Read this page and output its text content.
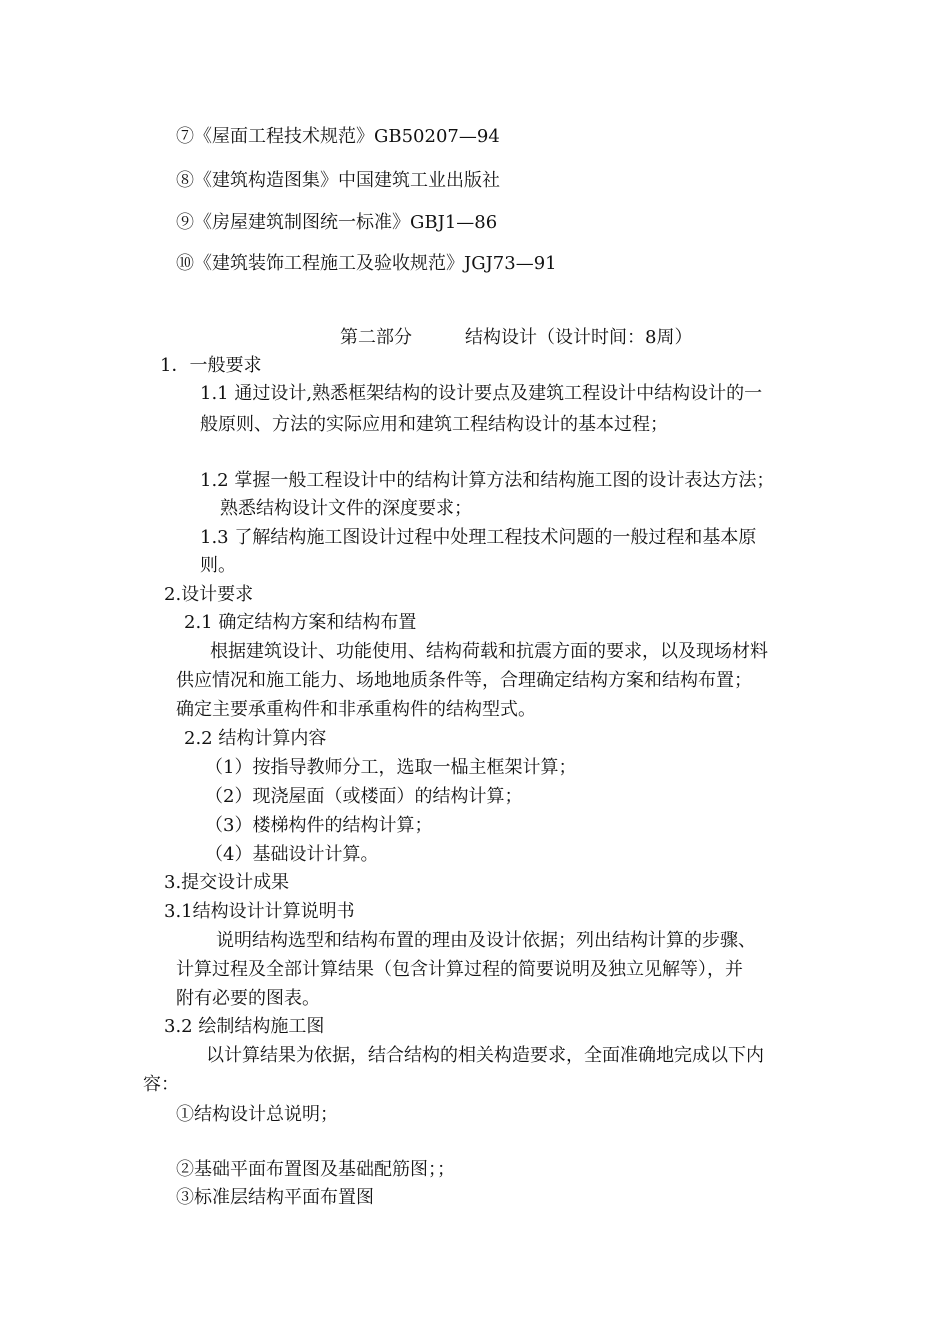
⑦《屋面工程技术规范》GB50207—94
⑧《建筑构造图集》中国建筑工业出版社
⑨《房屋建筑制图统一标准》GBJ1—86
⑩《建筑装饰工程施工及验收规范》JGJ73—91
第二部分	结构设计（设计时间：8周）
1．一般要求
1.1 通过设计,熟悉框架结构的设计要点及建筑工程设计中结构设计的一
般原则、方法的实际应用和建筑工程结构设计的基本过程；
1.2 掌握一般工程设计中的结构计算方法和结构施工图的设计表达方法；
熟悉结构设计文件的深度要求；
1.3 了解结构施工图设计过程中处理工程技术问题的一般过程和基本原
则。
2.设计要求
2.1 确定结构方案和结构布置
根据建筑设计、功能使用、结构荷载和抗震方面的要求，以及现场材料
供应情况和施工能力、场地地质条件等，合理确定结构方案和结构布置；
确定主要承重构件和非承重构件的结构型式。
2.2 结构计算内容
（1）按指导教师分工，选取一榀主框架计算；
（2）现浇屋面（或楼面）的结构计算；
（3）楼梯构件的结构计算；
（4）基础设计计算。
3.提交设计成果
3.1结构设计计算说明书
说明结构选型和结构布置的理由及设计依据；列出结构计算的步骤、
计算过程及全部计算结果（包含计算过程的简要说明及独立见解等），并
附有必要的图表。
3.2 绘制结构施工图
以计算结果为依据，结合结构的相关构造要求，全面准确地完成以下内
容：
①结构设计总说明；
②基础平面布置图及基础配筋图；；
③标准层结构平面布置图
